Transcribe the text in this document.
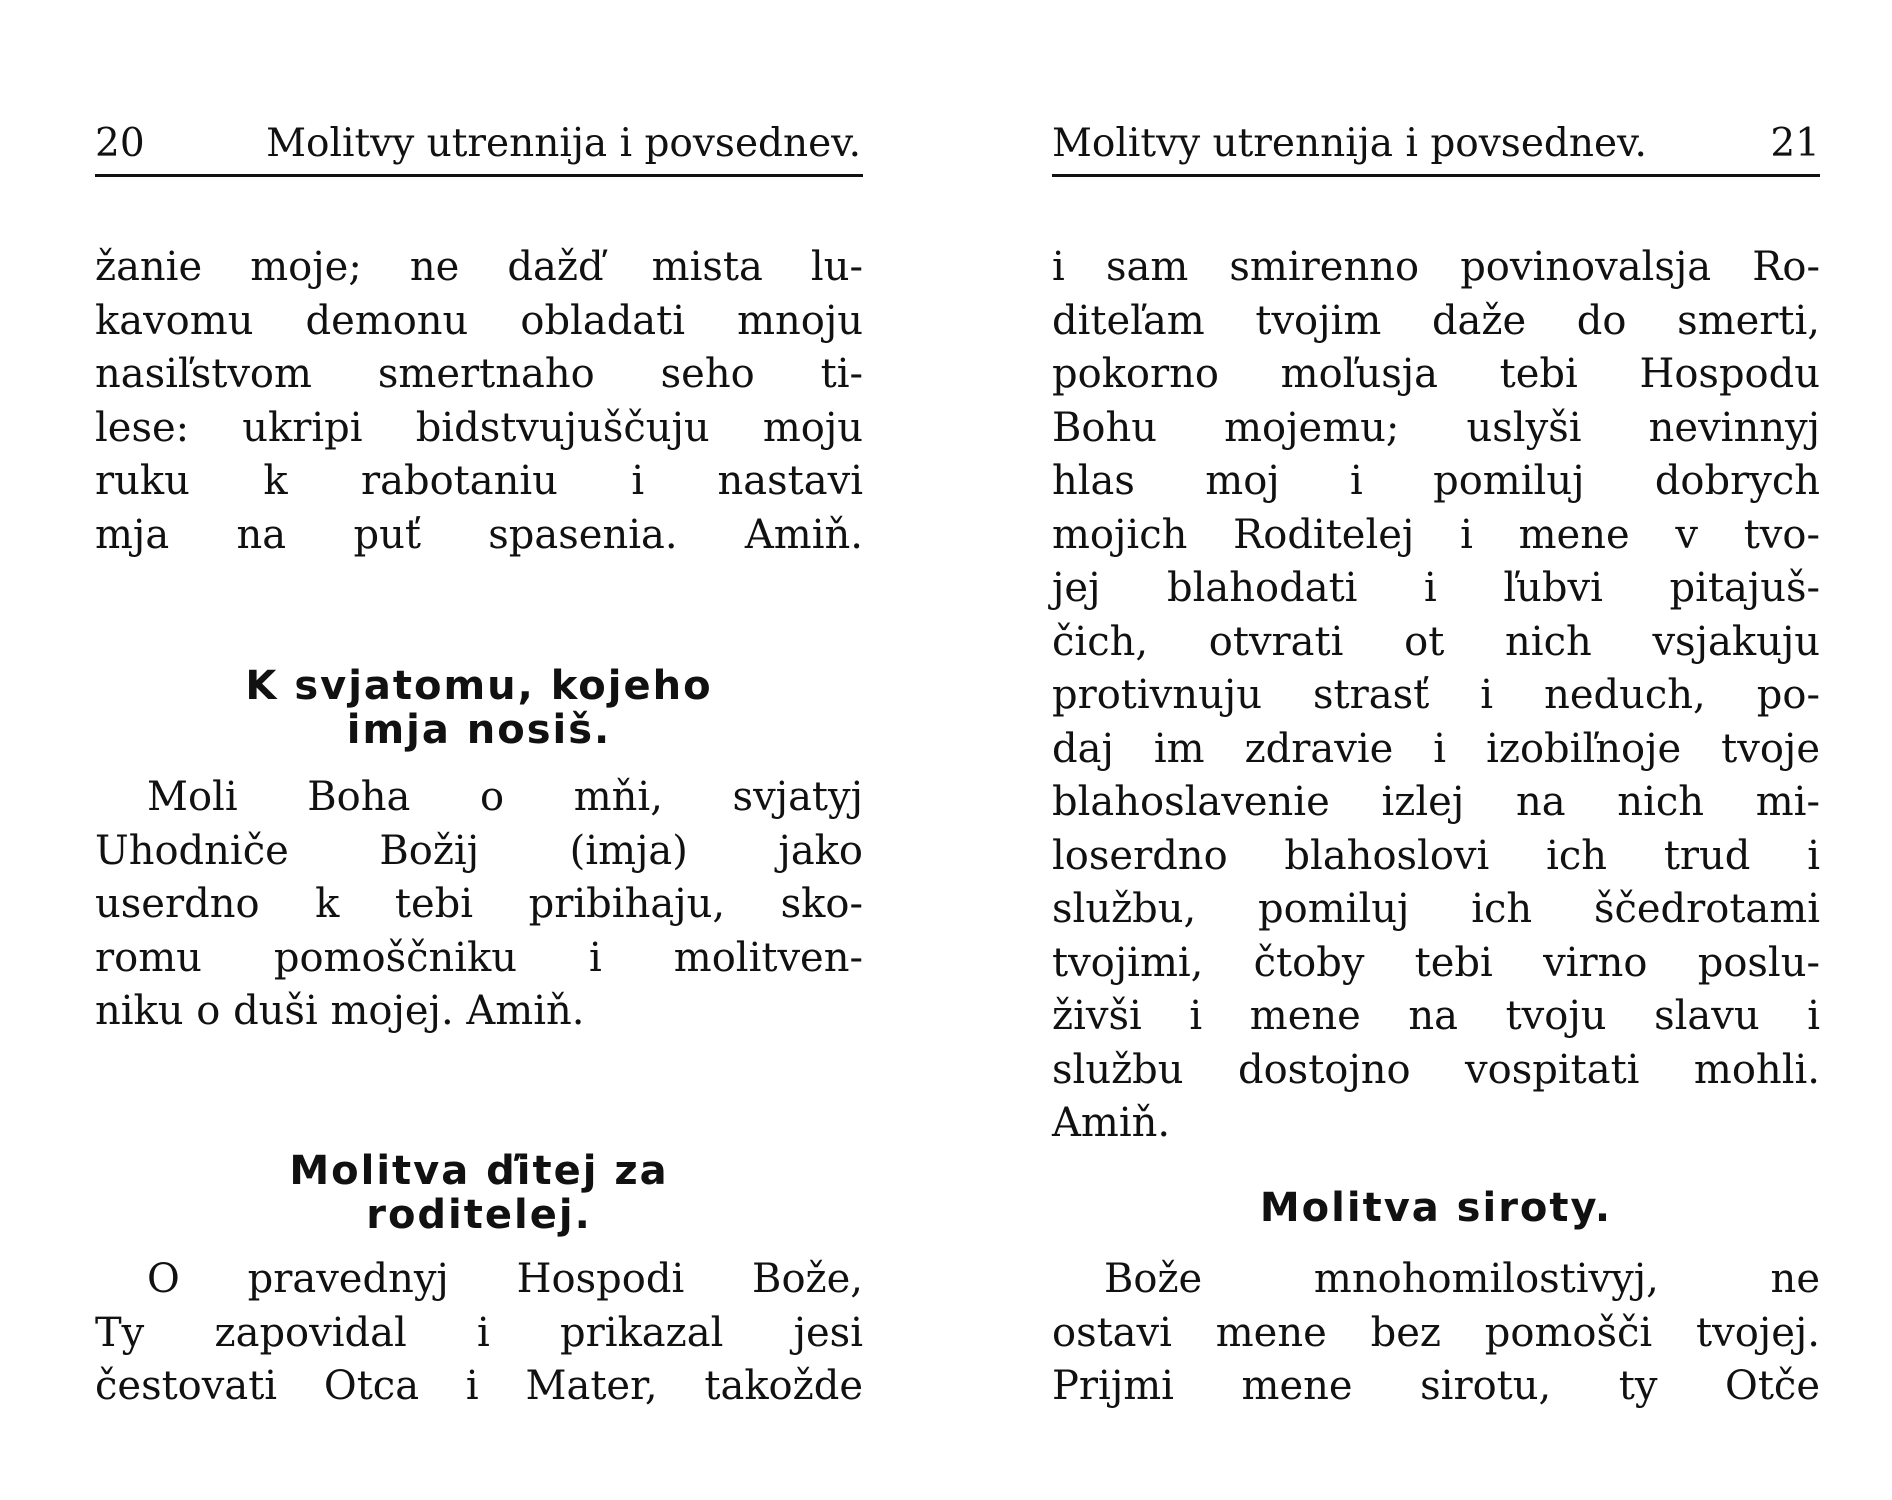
20	Molitvy utrennija i povsednev.
žanie moje; ne dažď mista lu-
kavomu demonu obladati mnoju
nasiľstvom smertnaho seho ti-
lese: ukripi bidstvujuščuju moju
ruku k rabotaniu i nastavi
mja na puť spasenia. Amiň.
K svjatomu, kojeho
imja nosiš.
Moli Boha o mňi, svjatyj
Uhodniče Božij (imja) jako
userdno k tebi pribihaju, sko-
romu pomoščniku i molitven-
niku o duši mojej. Amiň.
Molitva ďitej za
roditelej.
O pravednyj Hospodi Bože,
Ty zapovidal i prikazal jesi
čestovati Otca i Mater, takožde
Molitvy utrennija i povsednev.	21
i sam smirenno povinovalsja Ro-
diteľam tvojim daže do smerti,
pokorno moľusja tebi Hospodu
Bohu mojemu; uslyši nevinnyj
hlas moj i pomiluj dobrych
mojich Roditelej i mene v tvo-
jej blahodati i ľubvi pitajuš-
čich, otvrati ot nich vsjakuju
protivnuju strasť i neduch, po-
daj im zdravie i izobiľnoje tvoje
blahoslavenie izlej na nich mi-
loserdno blahoslovi ich trud i
službu, pomiluj ich ščedrotami
tvojimi, čtoby tebi virno poslu-
živši i mene na tvoju slavu i
službu dostojno vospitati mohli.
Amiň.
Molitva siroty.
Bože mnohomilostivyj, ne
ostavi mene bez pomošči tvojej.
Prijmi mene sirotu, ty Otče
